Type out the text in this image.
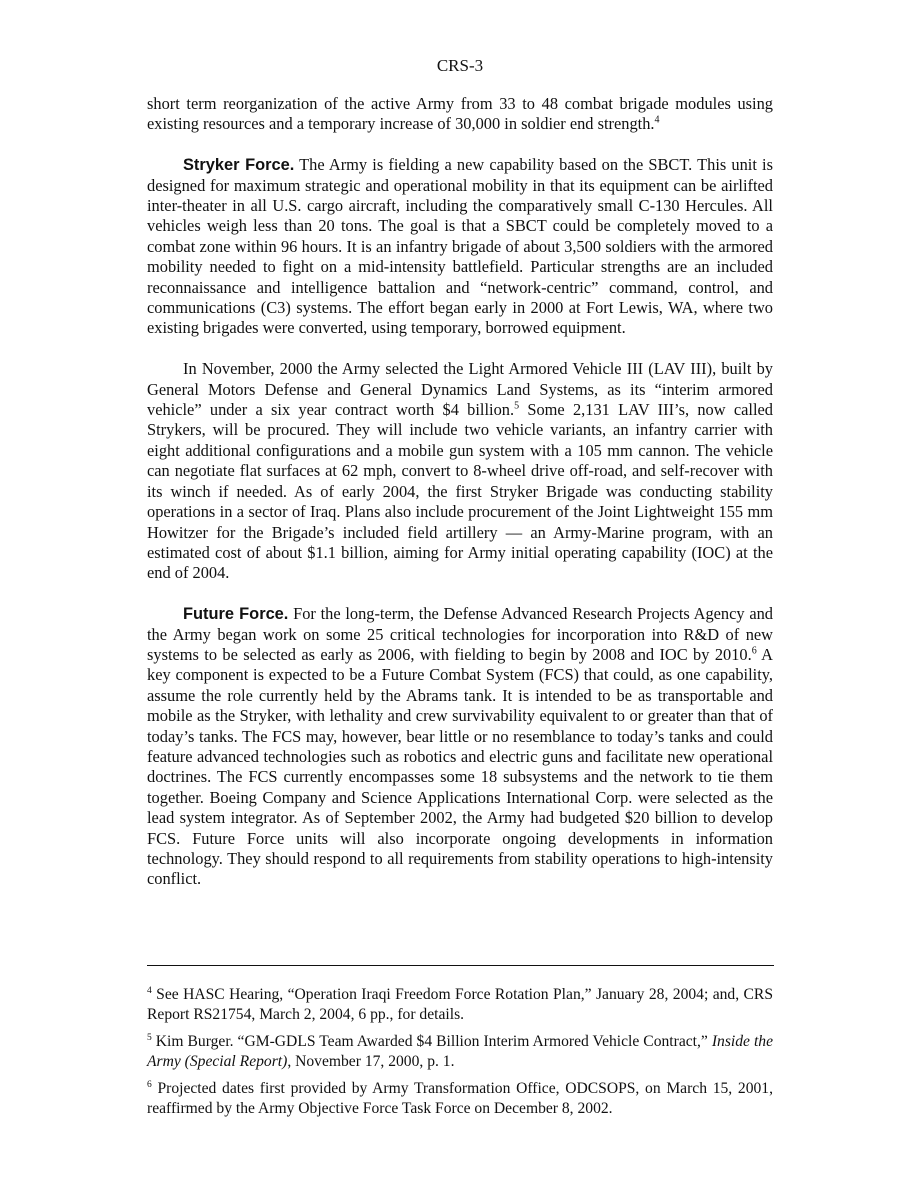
CRS-3

short term reorganization of the active Army from 33 to 48 combat brigade modules using existing resources and a temporary increase of 30,000 in soldier end strength.$^4$

Stryker Force. The Army is fielding a new capability based on the SBCT. This unit is designed for maximum strategic and operational mobility in that its equipment can be airlifted inter-theater in all U.S. cargo aircraft, including the comparatively small C-130 Hercules. All vehicles weigh less than 20 tons. The goal is that a SBCT could be completely moved to a combat zone within 96 hours. It is an infantry brigade of about 3,500 soldiers with the armored mobility needed to fight on a mid-intensity battlefield. Particular strengths are an included reconnaissance and intelligence battalion and “network-centric” command, control, and communications (C3) systems. The effort began early in 2000 at Fort Lewis, WA, where two existing brigades were converted, using temporary, borrowed equipment.

In November, 2000 the Army selected the Light Armored Vehicle III (LAV III), built by General Motors Defense and General Dynamics Land Systems, as its “interim armored vehicle” under a six year contract worth $4 billion.$^5$ Some 2,131 LAV III’s, now called Strykers, will be procured. They will include two vehicle variants, an infantry carrier with eight additional configurations and a mobile gun system with a 105 mm cannon. The vehicle can negotiate flat surfaces at 62 mph, convert to 8-wheel drive off-road, and self-recover with its winch if needed. As of early 2004, the first Stryker Brigade was conducting stability operations in a sector of Iraq. Plans also include procurement of the Joint Lightweight 155 mm Howitzer for the Brigade’s included field artillery — an Army-Marine program, with an estimated cost of about $1.1 billion, aiming for Army initial operating capability (IOC) at the end of 2004.

Future Force. For the long-term, the Defense Advanced Research Projects Agency and the Army began work on some 25 critical technologies for incorporation into R&D of new systems to be selected as early as 2006, with fielding to begin by 2008 and IOC by 2010.$^6$ A key component is expected to be a Future Combat System (FCS) that could, as one capability, assume the role currently held by the Abrams tank. It is intended to be as transportable and mobile as the Stryker, with lethality and crew survivability equivalent to or greater than that of today’s tanks. The FCS may, however, bear little or no resemblance to today’s tanks and could feature advanced technologies such as robotics and electric guns and facilitate new operational doctrines. The FCS currently encompasses some 18 subsystems and the network to tie them together. Boeing Company and Science Applications International Corp. were selected as the lead system integrator. As of September 2002, the Army had budgeted $20 billion to develop FCS. Future Force units will also incorporate ongoing developments in information technology. They should respond to all requirements from stability operations to high-intensity conflict.

$^4$ See HASC Hearing, “Operation Iraqi Freedom Force Rotation Plan,” January 28, 2004; and, CRS Report RS21754, March 2, 2004, 6 pp., for details.

$^5$ Kim Burger. “GM-GDLS Team Awarded $4 Billion Interim Armored Vehicle Contract,” Inside the Army (Special Report), November 17, 2000, p. 1.

$^6$ Projected dates first provided by Army Transformation Office, ODCSOPS, on March 15, 2001, reaffirmed by the Army Objective Force Task Force on December 8, 2002.
